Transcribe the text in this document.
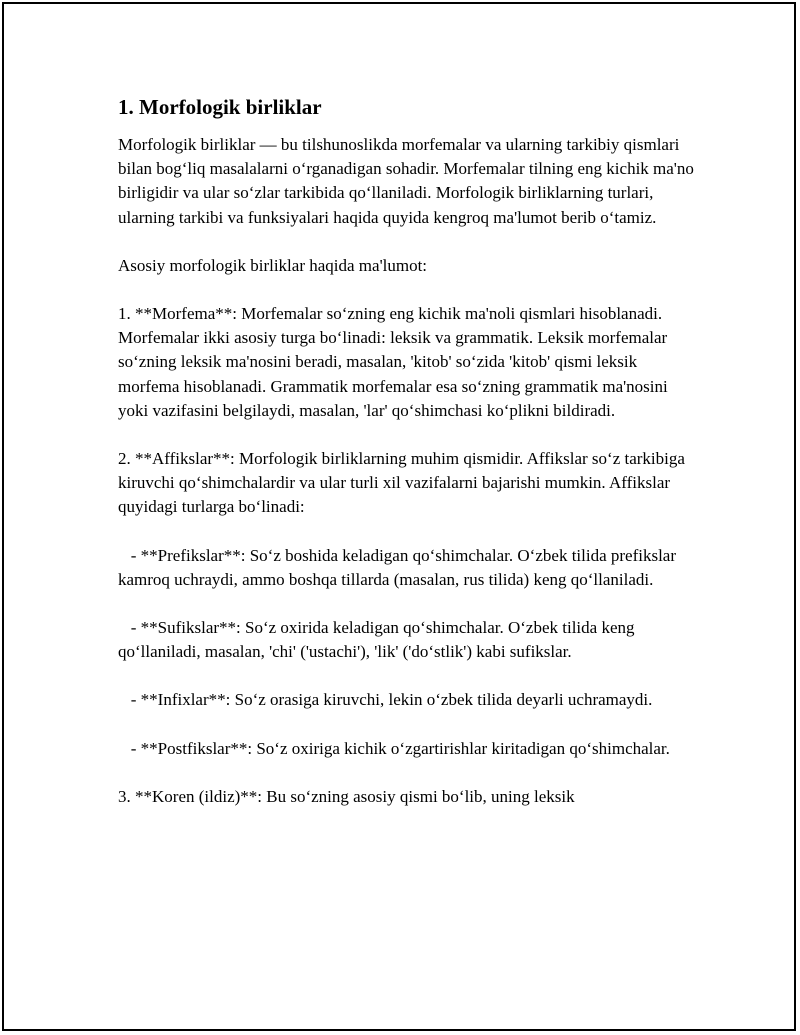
1. Morfologik birliklar

Morfologik birliklar — bu tilshunoslikda morfemalar va ularning tarkibiy qismlari bilan bog‘liq masalalarni o‘rganadigan sohadir. Morfemalar tilning eng kichik ma'no birligidir va ular so‘zlar tarkibida qo‘llaniladi. Morfologik birliklarning turlari, ularning tarkibi va funksiyalari haqida quyida kengroq ma'lumot berib o‘tamiz.

Asosiy morfologik birliklar haqida ma'lumot:

1. **Morfema**: Morfemalar so‘zning eng kichik ma'noli qismlari hisoblanadi. Morfemalar ikki asosiy turga bo‘linadi: leksik va grammatik. Leksik morfemalar so‘zning leksik ma'nosini beradi, masalan, 'kitob' so‘zida 'kitob' qismi leksik morfema hisoblanadi. Grammatik morfemalar esa so‘zning grammatik ma'nosini yoki vazifasini belgilaydi, masalan, 'lar' qo‘shimchasi ko‘plikni bildiradi.

2. **Affikslar**: Morfologik birliklarning muhim qismidir. Affikslar so‘z tarkibiga kiruvchi qo‘shimchalardir va ular turli xil vazifalarni bajarishi mumkin. Affikslar quyidagi turlarga bo‘linadi:

- **Prefikslar**: So‘z boshida keladigan qo‘shimchalar. O‘zbek tilida prefikslar kamroq uchraydi, ammo boshqa tillarda (masalan, rus tilida) keng qo‘llaniladi.

- **Sufikslar**: So‘z oxirida keladigan qo‘shimchalar. O‘zbek tilida keng qo‘llaniladi, masalan, 'chi' ('ustachi'), 'lik' ('do‘stlik') kabi sufikslar.

- **Infixlar**: So‘z orasiga kiruvchi, lekin o‘zbek tilida deyarli uchramaydi.

- **Postfikslar**: So‘z oxiriga kichik o‘zgartirishlar kiritadigan qo‘shimchalar.

3. **Koren (ildiz)**: Bu so‘zning asosiy qismi bo‘lib, uning leksik
